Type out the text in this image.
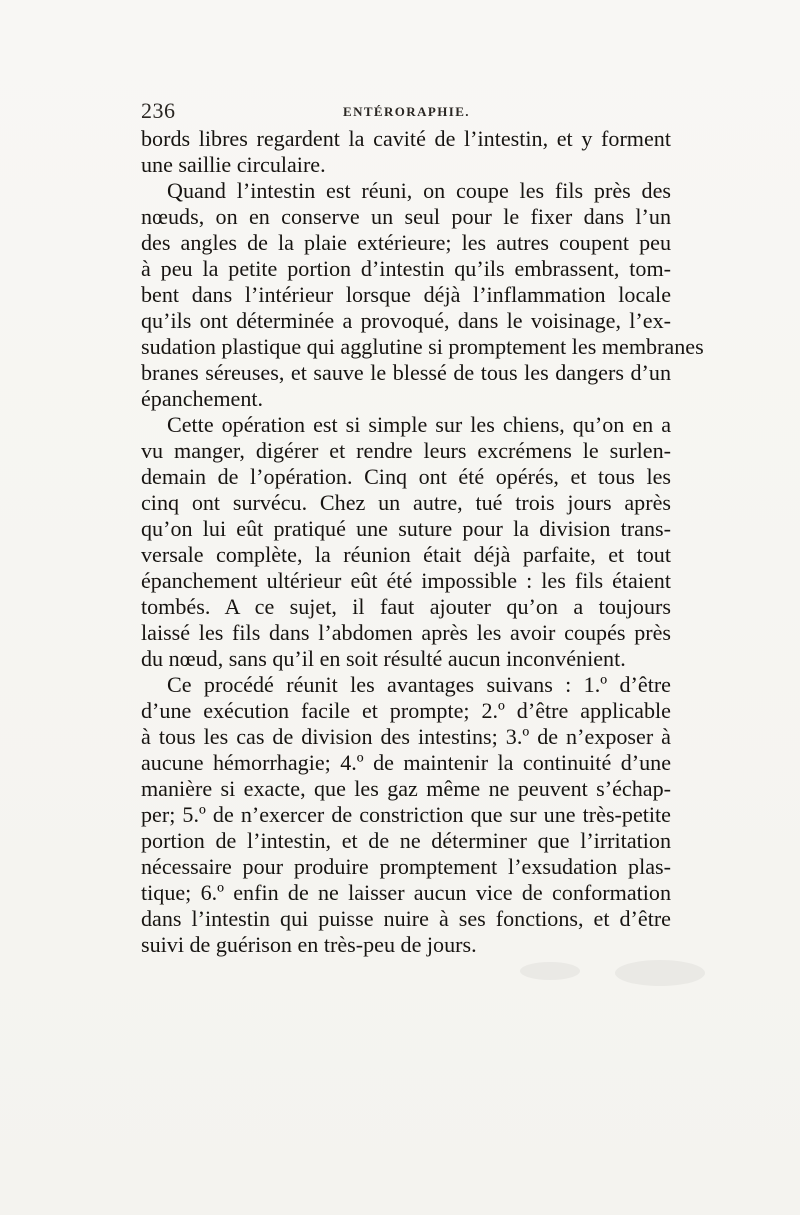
236	ENTÉRORAPHIE.
bords libres regardent la cavité de l’intestin, et y forment
une saillie circulaire.
Quand l’intestin est réuni, on coupe les fils près des
nœuds, on en conserve un seul pour le fixer dans l’un
des angles de la plaie extérieure; les autres coupent peu
à peu la petite portion d’intestin qu’ils embrassent, tom-
bent dans l’intérieur lorsque déjà l’inflammation locale
qu’ils ont déterminée a provoqué, dans le voisinage, l’ex-
sudation plastique qui agglutine si promptement les membranes
branes séreuses, et sauve le blessé de tous les dangers d’un
épanchement.
Cette opération est si simple sur les chiens, qu’on en a
vu manger, digérer et rendre leurs excrémens le surlen-
demain de l’opération. Cinq ont été opérés, et tous les
cinq ont survécu. Chez un autre, tué trois jours après
qu’on lui eût pratiqué une suture pour la division trans-
versale complète, la réunion était déjà parfaite, et tout
épanchement ultérieur eût été impossible : les fils étaient
tombés. A ce sujet, il faut ajouter qu’on a toujours
laissé les fils dans l’abdomen après les avoir coupés près
du nœud, sans qu’il en soit résulté aucun inconvénient.
Ce procédé réunit les avantages suivans : 1.º d’être
d’une exécution facile et prompte; 2.º d’être applicable
à tous les cas de division des intestins; 3.º de n’exposer à
aucune hémorrhagie; 4.º de maintenir la continuité d’une
manière si exacte, que les gaz même ne peuvent s’échap-
per; 5.º de n’exercer de constriction que sur une très-petite
portion de l’intestin, et de ne déterminer que l’irritation
nécessaire pour produire promptement l’exsudation plas-
tique; 6.º enfin de ne laisser aucun vice de conformation
dans l’intestin qui puisse nuire à ses fonctions, et d’être
suivi de guérison en très-peu de jours.
